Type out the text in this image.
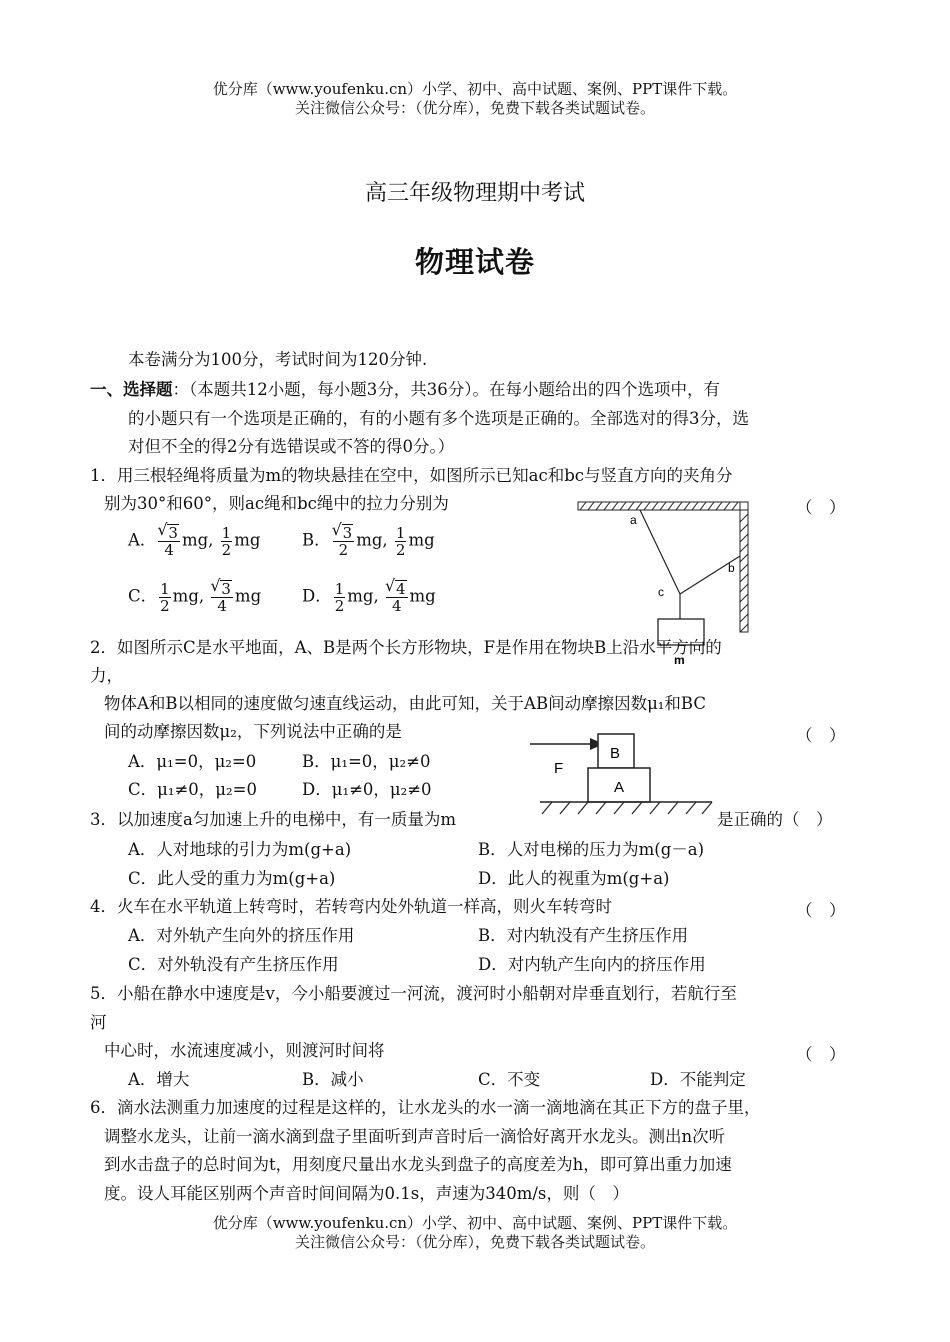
优分库（www.youfenku.cn）小学、初中、高中试题、案例、PPT课件下载。
关注微信公众号：（优分库），免费下载各类试题试卷。
高三年级物理期中考试
物理试卷
本卷满分为100分，考试时间为120分钟.
一、选择题：（本题共12小题，每小题3分，共36分）。在每小题给出的四个选项中，有
的小题只有一个选项是正确的，有的小题有多个选项是正确的。全部选对的得3分，选
对但不全的得2分有选错误或不答的得0分。）
1．用三根轻绳将质量为m的物块悬挂在空中，如图所示已知ac和bc与竖直方向的夹角分
别为30°和60°，则ac绳和bc绳中的拉力分别为	（　）
A． √ $\frac{3}{4}$ mg, $\frac{1}{2}$ mg	B． √ $\frac{3}{2}$ mg, $\frac{1}{2}$ mg
C． $\frac{1}{2}$ mg, √ $\frac{3}{4}$ mg D． $\frac{1}{2}$ mg, √ $\frac{4}{4}$ mg
a
b
c
m
2．如图所示C是水平地面，A、B是两个长方形物块，F是作用在物块B上沿水平方向的
力，
物体A和B以相同的速度做匀速直线运动，由此可知，关于AB间动摩擦因数μ₁和BC
间的动摩擦因数μ₂，下列说法中正确的是	（　）
A．μ₁=0，μ₂=0	B．μ₁=0，μ₂≠0
C．μ₁≠0，μ₂=0	D．μ₁≠0，μ₂≠0
F
B
A
3．以加速度a匀加速上升的电梯中，有一质量为m	是正确的（　）
A．人对地球的引力为m(g+a)	B．人对电梯的压力为m(g－a)
C．此人受的重力为m(g+a)	D．此人的视重为m(g+a)
4．火车在水平轨道上转弯时，若转弯内处外轨道一样高，则火车转弯时	（　）
A．对外轨产生向外的挤压作用	B．对内轨没有产生挤压作用
C．对外轨没有产生挤压作用	D．对内轨产生向内的挤压作用
5．小船在静水中速度是v，今小船要渡过一河流，渡河时小船朝对岸垂直划行，若航行至
河
中心时，水流速度减小，则渡河时间将	（　）
A．增大	B．减小	C．不变	D．不能判定
6．滴水法测重力加速度的过程是这样的，让水龙头的水一滴一滴地滴在其正下方的盘子里，
调整水龙头，让前一滴水滴到盘子里面听到声音时后一滴恰好离开水龙头。测出n次听
到水击盘子的总时间为t，用刻度尺量出水龙头到盘子的高度差为h，即可算出重力加速
度。设人耳能区别两个声音时间间隔为0.1s，声速为340m/s，则（　）
优分库（www.youfenku.cn）小学、初中、高中试题、案例、PPT课件下载。
关注微信公众号：（优分库），免费下载各类试题试卷。
